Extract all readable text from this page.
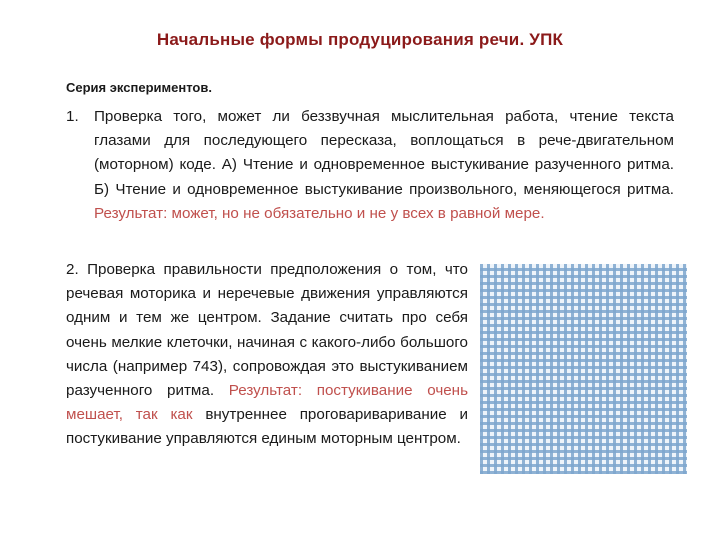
Начальные формы продуцирования речи. УПК
Серия экспериментов.
1. Проверка того, может ли беззвучная мыслительная работа, чтение текста глазами для последующего пересказа, воплощаться в рече-двигательном (моторном) коде. А) Чтение и одновременное выстукивание разученного ритма. Б) Чтение и одновременное выстукивание произвольного, меняющегося ритма. Результат: может, но не обязательно и не у всех в равной мере.

2. Проверка правильности предположения о том, что речевая моторика и неречевые движения управляются одним и тем же центром. Задание считать про себя очень мелкие клеточки, начиная с какого-либо большого числа (например 743), сопровождая это выстукиванием разученного ритма. Результат: постукивание очень мешает, так как внутреннее проговариваривание и постукивание управляются единым моторным центром.
